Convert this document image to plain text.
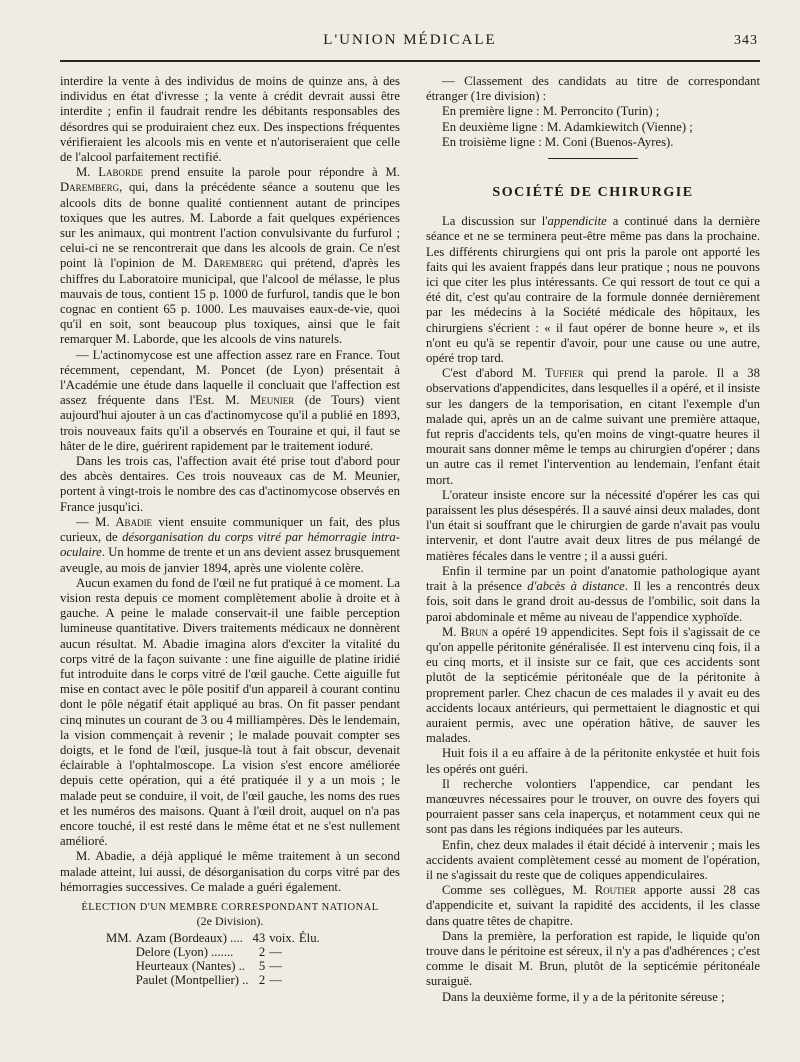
L'UNION MÉDICALE	343

interdire la vente à des individus de moins de quinze ans, à des individus en état d'ivresse ; la vente à crédit devrait aussi être interdite ; enfin il faudrait rendre les débitants responsables des désordres qui se produiraient chez eux. Des inspections fréquentes vérifieraient les alcools mis en vente et n'autoriseraient que celle de l'alcool parfaitement rectifié.

M. Laborde prend ensuite la parole pour répondre à M. Daremberg, qui, dans la précédente séance a soutenu que les alcools dits de bonne qualité contiennent autant de principes toxiques que les autres. M. Laborde a fait quelques expériences sur les animaux, qui montrent l'action convulsivante du furfurol ; celui-ci ne se rencontrerait que dans les alcools de grain. Ce n'est point là l'opinion de M. Daremberg qui prétend, d'après les chiffres du Laboratoire municipal, que l'alcool de mélasse, le plus mauvais de tous, contient 15 p. 1000 de furfurol, tandis que le bon cognac en contient 65 p. 1000. Les mauvaises eaux-de-vie, quoi qu'il en soit, sont beaucoup plus toxiques, ainsi que le fait remarquer M. Laborde, que les alcools de vins naturels.

— L'actinomycose est une affection assez rare en France. Tout récemment, cependant, M. Poncet (de Lyon) présentait à l'Académie une étude dans laquelle il concluait que l'affection est assez fréquente dans l'Est. M. Meunier (de Tours) vient aujourd'hui ajouter à un cas d'actinomycose qu'il a publié en 1893, trois nouveaux faits qu'il a observés en Touraine et qui, il faut se hâter de le dire, guérirent rapidement par le traitement ioduré.

Dans les trois cas, l'affection avait été prise tout d'abord pour des abcès dentaires. Ces trois nouveaux cas de M. Meunier, portent à vingt-trois le nombre des cas d'actinomycose observés en France jusqu'ici.

— M. Abadie vient ensuite communiquer un fait, des plus curieux, de désorganisation du corps vitré par hémorragie intra-oculaire. Un homme de trente et un ans devient assez brusquement aveugle, au mois de janvier 1894, après une violente colère.

Aucun examen du fond de l'œil ne fut pratiqué à ce moment. La vision resta depuis ce moment complètement abolie à droite et à gauche. A peine le malade conservait-il une faible perception lumineuse quantitative. Divers traitements médicaux ne donnèrent aucun résultat. M. Abadie imagina alors d'exciter la vitalité du corps vitré de la façon suivante : une fine aiguille de platine iridié fut introduite dans le corps vitré de l'œil gauche. Cette aiguille fut mise en contact avec le pôle positif d'un appareil à courant continu dont le pôle négatif était appliqué au bras. On fit passer pendant cinq minutes un courant de 3 ou 4 milliampères. Dès le lendemain, la vision commençait à revenir ; le malade pouvait compter ses doigts, et le fond de l'œil, jusque-là tout à fait obscur, devenait éclairable à l'ophtalmoscope. La vision s'est encore améliorée depuis cette opération, qui a été pratiquée il y a un mois ; le malade peut se conduire, il voit, de l'œil gauche, les noms des rues et les numéros des maisons. Quant à l'œil droit, auquel on n'a pas encore touché, il est resté dans le même état et ne s'est nullement amélioré.

M. Abadie, a déjà appliqué le même traitement à un second malade atteint, lui aussi, de désorganisation du corps vitré par des hémorragies successives. Ce malade a guéri également.

ÉLECTION D'UN MEMBRE CORRESPONDANT NATIONAL
(2e Division).
MM.	Azam (Bordeaux) ....	43	voix.	Élu.
	Delore (Lyon) .......	2	—	
	Heurteaux (Nantes) ..	5	—	
	Paulet (Montpellier) ..	2	—	

— Classement des candidats au titre de correspondant étranger (1re division) :

En première ligne : M. Perroncito (Turin) ;

En deuxième ligne : M. Adamkiewitch (Vienne) ;

En troisième ligne : M. Coni (Buenos-Ayres).

SOCIÉTÉ DE CHIRURGIE

La discussion sur l'appendicite a continué dans la dernière séance et ne se terminera peut-être même pas dans la prochaine. Les différents chirurgiens qui ont pris la parole ont apporté les faits qui les avaient frappés dans leur pratique ; nous ne pouvons ici que citer les plus intéressants. Ce qui ressort de tout ce qui a été dit, c'est qu'au contraire de la formule donnée dernièrement par les médecins à la Société médicale des hôpitaux, les chirurgiens s'écrient : « il faut opérer de bonne heure », et ils n'ont eu qu'à se repentir d'avoir, pour une cause ou une autre, opéré trop tard.

C'est d'abord M. Tuffier qui prend la parole. Il a 38 observations d'appendicites, dans lesquelles il a opéré, et il insiste sur les dangers de la temporisation, en citant l'exemple d'un malade qui, après un an de calme suivant une première attaque, fut repris d'accidents tels, qu'en moins de vingt-quatre heures il mourait sans donner même le temps au chirurgien d'opérer ; dans un autre cas il remet l'intervention au lendemain, l'enfant était mort.

L'orateur insiste encore sur la nécessité d'opérer les cas qui paraissent les plus désespérés. Il a sauvé ainsi deux malades, dont l'un était si souffrant que le chirurgien de garde n'avait pas voulu intervenir, et dont l'autre avait deux litres de pus mélangé de matières fécales dans le ventre ; il a aussi guéri.

Enfin il termine par un point d'anatomie pathologique ayant trait à la présence d'abcès à distance. Il les a rencontrés deux fois, soit dans le grand droit au-dessus de l'ombilic, soit dans la paroi abdominale et même au niveau de l'appendice xyphoïde.

M. Brun a opéré 19 appendicites. Sept fois il s'agissait de ce qu'on appelle péritonite généralisée. Il est intervenu cinq fois, il a eu cinq morts, et il insiste sur ce fait, que ces accidents sont plutôt de la septicémie péritonéale que de la péritonite à proprement parler. Chez chacun de ces malades il y avait eu des accidents locaux antérieurs, qui permettaient le diagnostic et qui auraient permis, avec une opération hâtive, de sauver les malades.

Huit fois il a eu affaire à de la péritonite enkystée et huit fois les opérés ont guéri.

Il recherche volontiers l'appendice, car pendant les manœuvres nécessaires pour le trouver, on ouvre des foyers qui pourraient passer sans cela inaperçus, et notamment ceux qui ne sont pas dans les régions indiquées par les auteurs.

Enfin, chez deux malades il était décidé à intervenir ; mais les accidents avaient complètement cessé au moment de l'opération, il ne s'agissait du reste que de coliques appendiculaires.

Comme ses collègues, M. Routier apporte aussi 28 cas d'appendicite et, suivant la rapidité des accidents, il les classe dans quatre têtes de chapitre.

Dans la première, la perforation est rapide, le liquide qu'on trouve dans le péritoine est séreux, il n'y a pas d'adhérences ; c'est comme le disait M. Brun, plutôt de la septicémie péritonéale suraiguë.

Dans la deuxième forme, il y a de la péritonite séreuse ;
